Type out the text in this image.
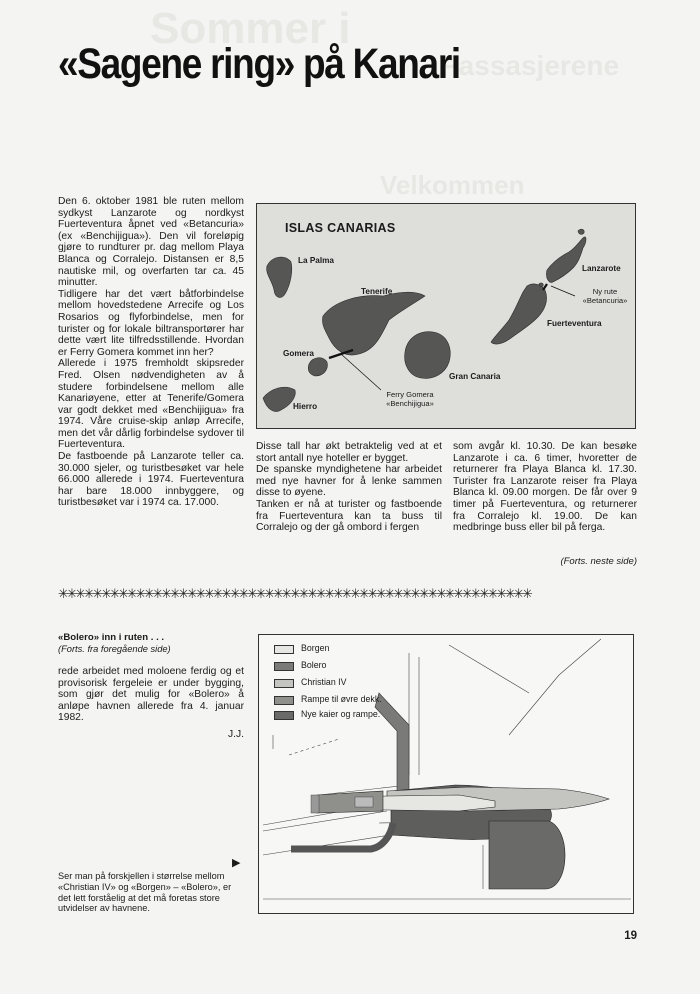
Sommer i
Passasjerene
Velkommen
«Sagene ring» på Kanari

Den 6. oktober 1981 ble ruten mellom sydkyst Lanzarote og nordkyst Fuerteventura åpnet ved «Betancuria» (ex «Benchijigua»). Den vil foreløpig gjøre to rundturer pr. dag mellom Playa Blanca og Corralejo. Distansen er 8,5 nautiske mil, og overfarten tar ca. 45 minutter.

Tidligere har det vært båtforbindelse mellom hovedstedene Arrecife og Los Rosarios og flyforbindelse, men for turister og for lokale biltransportører har dette vært lite tilfredsstillende. Hvordan er Ferry Gomera kommet inn her?

Allerede i 1975 fremholdt skipsreder Fred. Olsen nødvendigheten av å studere forbindelsene mellom alle Kanariøyene, etter at Tenerife/Gomera var godt dekket med «Benchijigua» fra 1974. Våre cruise-skip anløp Arrecife, men det vår dårlig forbindelse sydover til Fuerteventura.

De fastboende på Lanzarote teller ca. 30.000 sjeler, og turistbesøket var hele 66.000 allerede i 1974. Fuerteventura har bare 18.000 innbyggere, og turistbesøket var i 1974 ca. 17.000.

ISLAS CANARIAS
La Palma
Tenerife
Gomera
Hierro
Gran Canaria
Lanzarote
Fuerteventura
Ny rute
«Betancuria»
Ferry Gomera
«Benchijigua»

Disse tall har økt betraktelig ved at et stort antall nye hoteller er bygget.

De spanske myndighetene har arbeidet med nye havner for å lenke sammen disse to øyene.

Tanken er nå at turister og fastboende fra Fuerteventura kan ta buss til Corralejo og der gå ombord i fergen

som avgår kl. 10.30. De kan besøke Lanzarote i ca. 6 timer, hvoretter de returnerer fra Playa Blanca kl. 17.30. Turister fra Lanzarote reiser fra Playa Blanca kl. 09.00 morgen. De får over 9 timer på Fuerteventura, og returnerer fra Corralejo kl. 19.00. De kan medbringe buss eller bil på ferga.

(Forts. neste side)
✳✳✳✳✳✳✳✳✳✳✳✳✳✳✳✳✳✳✳✳✳✳✳✳✳✳✳✳✳✳✳✳✳✳✳✳✳✳✳✳✳✳✳✳✳✳✳✳✳✳✳✳✳✳✳
«Bolero» inn i ruten . . .
(Forts. fra foregående side)
rede arbeidet med moloene ferdig og et provisorisk fergeleie er under bygging, som gjør det mulig for «Bolero» å anløpe havnen allerede fra 4. januar 1982.
J.J.
Borgen
Bolero
Christian IV
Rampe til øvre dekk.
Nye kaier og rampe.
▶
Ser man på forskjellen i størrelse mellom «Christian IV» og «Borgen» – «Bolero», er det lett forståelig at det må foretas store utvidelser av havnene.
19
